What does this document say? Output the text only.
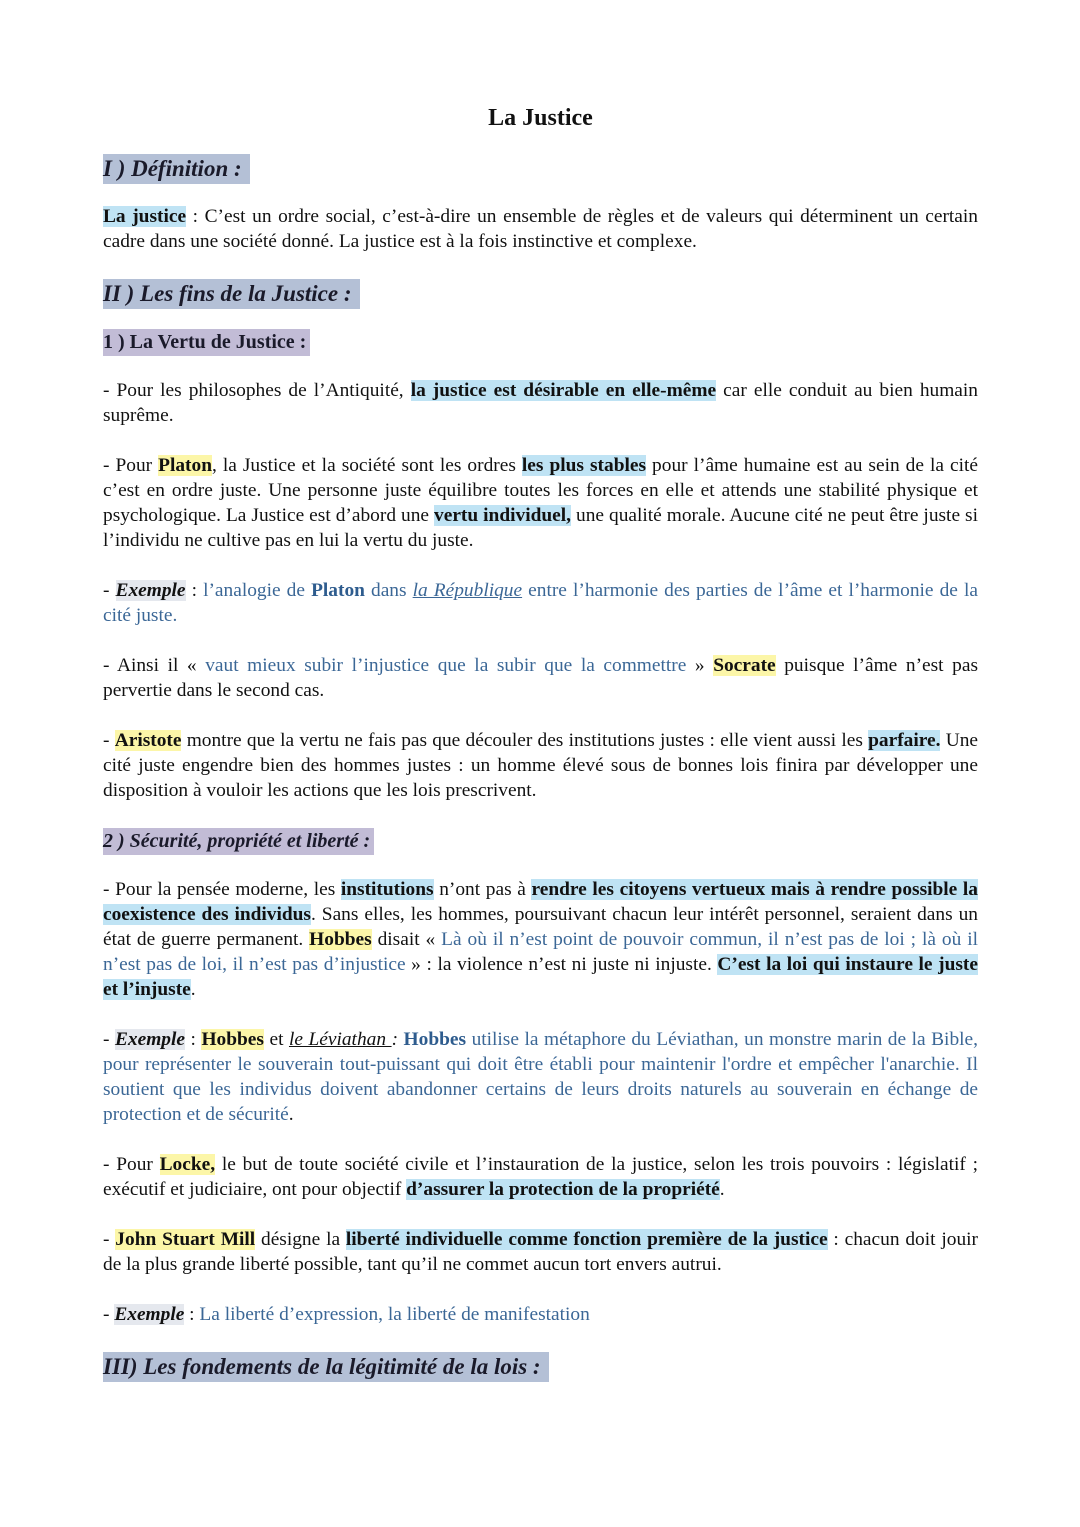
La Justice
I ) Définition :

La justice : C’est un ordre social, c’est-à-dire un ensemble de règles et de valeurs qui déterminent un certain cadre dans une société donné. La justice est à la fois instinctive et complexe.

II ) Les fins de la Justice :
1 ) La Vertu de Justice :

- Pour les philosophes de l’Antiquité, la justice est désirable en elle-même car elle conduit au bien humain suprême.

- Pour Platon, la Justice et la société sont les ordres les plus stables pour l’âme humaine est au sein de la cité c’est en ordre juste. Une personne juste équilibre toutes les forces en elle et attends une stabilité physique et psychologique. La Justice est d’abord une vertu individuel, une qualité morale. Aucune cité ne peut être juste si l’individu ne cultive pas en lui la vertu du juste.

- Exemple : l’analogie de Platon dans la République entre l’harmonie des parties de l’âme et l’harmonie de la cité juste.

- Ainsi il « vaut mieux subir l’injustice que la subir que la commettre » Socrate puisque l’âme n’est pas pervertie dans le second cas.

- Aristote montre que la vertu ne fais pas que découler des institutions justes : elle vient aussi les parfaire. Une cité juste engendre bien des hommes justes : un homme élevé sous de bonnes lois finira par développer une disposition à vouloir les actions que les lois prescrivent.

2 ) Sécurité, propriété et liberté :

- Pour la pensée moderne, les institutions n’ont pas à rendre les citoyens vertueux mais à rendre possible la coexistence des individus. Sans elles, les hommes, poursuivant chacun leur intérêt personnel, seraient dans un état de guerre permanent. Hobbes disait « Là où il n’est point de pouvoir commun, il n’est pas de loi ; là où il n’est pas de loi, il n’est pas d’injustice » : la violence n’est ni juste ni injuste. C’est la loi qui instaure le juste et l’injuste.

- Exemple : Hobbes et le Léviathan : Hobbes utilise la métaphore du Léviathan, un monstre marin de la Bible, pour représenter le souverain tout-puissant qui doit être établi pour maintenir l'ordre et empêcher l'anarchie. Il soutient que les individus doivent abandonner certains de leurs droits naturels au souverain en échange de protection et de sécurité.

- Pour Locke, le but de toute société civile et l’instauration de la justice, selon les trois pouvoirs : législatif ; exécutif et judiciaire, ont pour objectif d’assurer la protection de la propriété.

- John Stuart Mill désigne la liberté individuelle comme fonction première de la justice : chacun doit jouir de la plus grande liberté possible, tant qu’il ne commet aucun tort envers autrui.

- Exemple : La liberté d’expression, la liberté de manifestation

III) Les fondements de la légitimité de la lois :
